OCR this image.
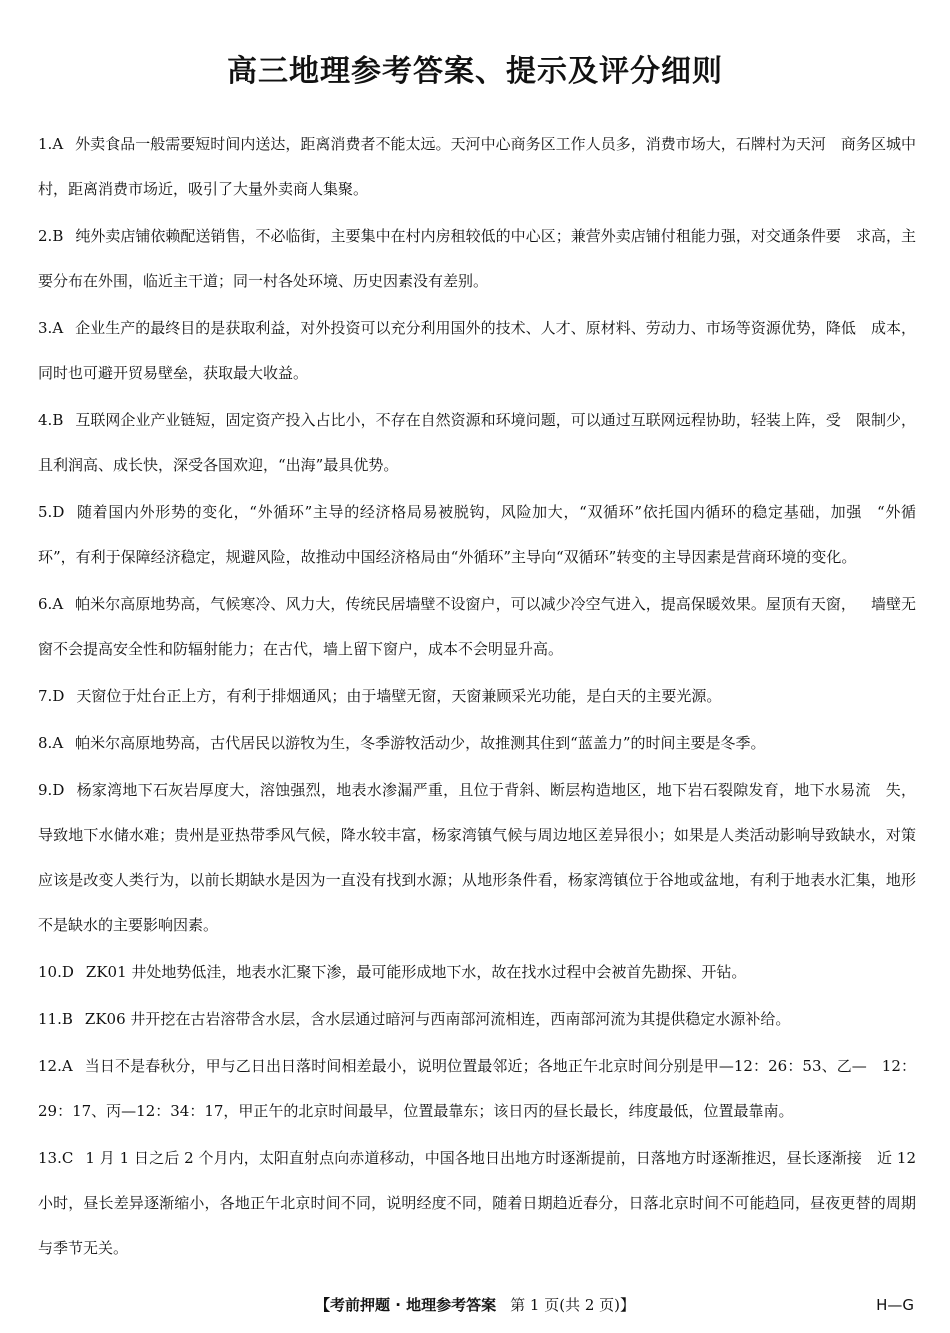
高三地理参考答案、提示及评分细则
1.A 外卖食品一般需要短时间内送达，距离消费者不能太远。天河中心商务区工作人员多，消费市场大，石牌村为天河 商务区城中村，距离消费市场近，吸引了大量外卖商人集聚。
2.B 纯外卖店铺依赖配送销售，不必临街，主要集中在村内房租较低的中心区；兼营外卖店铺付租能力强，对交通条件要 求高，主要分布在外围，临近主干道；同一村各处环境、历史因素没有差别。
3.A 企业生产的最终目的是获取利益，对外投资可以充分利用国外的技术、人才、原材料、劳动力、市场等资源优势，降低 成本，同时也可避开贸易壁垒，获取最大收益。
4.B 互联网企业产业链短，固定资产投入占比小，不存在自然资源和环境问题，可以通过互联网远程协助，轻装上阵，受 限制少，且利润高、成长快，深受各国欢迎，“出海”最具优势。
5.D 随着国内外形势的变化，“外循环”主导的经济格局易被脱钩，风险加大，“双循环”依托国内循环的稳定基础，加强 “外循环”，有利于保障经济稳定，规避风险，故推动中国经济格局由“外循环”主导向“双循环”转变的主导因素是营商环境的变化。
6.A 帕米尔高原地势高，气候寒冷、风力大，传统民居墙壁不设窗户，可以减少冷空气进入，提高保暖效果。屋顶有天窗， 墙壁无窗不会提高安全性和防辐射能力；在古代，墙上留下窗户，成本不会明显升高。
7.D 天窗位于灶台正上方，有利于排烟通风；由于墙壁无窗，天窗兼顾采光功能，是白天的主要光源。
8.A 帕米尔高原地势高，古代居民以游牧为生，冬季游牧活动少，故推测其住到“蓝盖力”的时间主要是冬季。
9.D 杨家湾地下石灰岩厚度大，溶蚀强烈，地表水渗漏严重，且位于背斜、断层构造地区，地下岩石裂隙发育，地下水易流 失，导致地下水储水难；贵州是亚热带季风气候，降水较丰富，杨家湾镇气候与周边地区差异很小；如果是人类活动影响导致缺水，对策应该是改变人类行为，以前长期缺水是因为一直没有找到水源；从地形条件看，杨家湾镇位于谷地或盆地，有利于地表水汇集，地形不是缺水的主要影响因素。
10.D ZK01 井处地势低洼，地表水汇聚下渗，最可能形成地下水，故在找水过程中会被首先勘探、开钻。
11.B ZK06 井开挖在古岩溶带含水层，含水层通过暗河与西南部河流相连，西南部河流为其提供稳定水源补给。
12.A 当日不是春秋分，甲与乙日出日落时间相差最小，说明位置最邻近；各地正午北京时间分别是甲—12：26：53、乙— 12：29：17、丙—12：34：17，甲正午的北京时间最早，位置最靠东；该日丙的昼长最长，纬度最低，位置最靠南。
13.C 1 月 1 日之后 2 个月内，太阳直射点向赤道移动，中国各地日出地方时逐渐提前，日落地方时逐渐推迟，昼长逐渐接 近 12 小时，昼长差异逐渐缩小，各地正午北京时间不同，说明经度不同，随着日期趋近春分，日落北京时间不可能趋同，昼夜更替的周期与季节无关。
【考前押题 · 地理参考答案 第 1 页(共 2 页)】	H—G
